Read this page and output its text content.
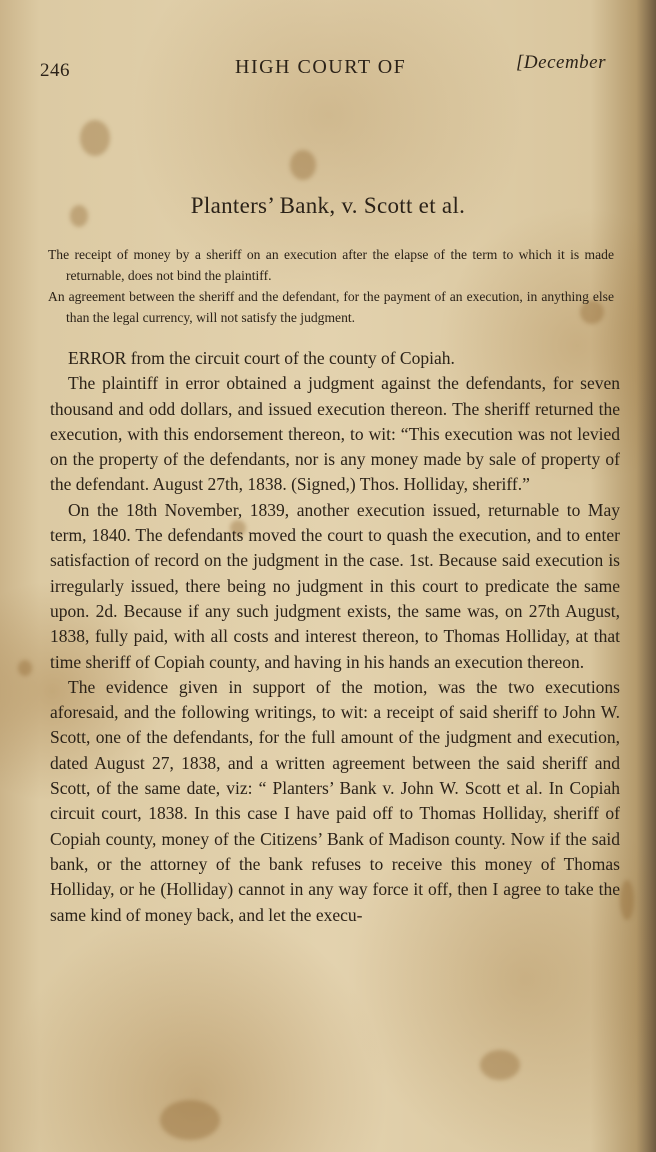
246	HIGH COURT OF	[December
Planters’ Bank, v. Scott et al.

The receipt of money by a sheriff on an execution after the elapse of the term to which it is made returnable, does not bind the plaintiff.

An agreement between the sheriff and the defendant, for the payment of an execution, in anything else than the legal currency, will not satisfy the judgment.

ERROR from the circuit court of the county of Copiah.

The plaintiff in error obtained a judgment against the defendants, for seven thousand and odd dollars, and issued execution thereon. The sheriff returned the execution, with this endorsement thereon, to wit: “This execution was not levied on the property of the defendants, nor is any money made by sale of property of the defendant. August 27th, 1838. (Signed,) Thos. Holliday, sheriff.”

On the 18th November, 1839, another execution issued, returnable to May term, 1840. The defendants moved the court to quash the execution, and to enter satisfaction of record on the judgment in the case. 1st. Because said execution is irregularly issued, there being no judgment in this court to predicate the same upon. 2d. Because if any such judgment exists, the same was, on 27th August, 1838, fully paid, with all costs and interest thereon, to Thomas Holliday, at that time sheriff of Copiah county, and having in his hands an execution thereon.

The evidence given in support of the motion, was the two executions aforesaid, and the following writings, to wit: a receipt of said sheriff to John W. Scott, one of the defendants, for the full amount of the judgment and execution, dated August 27, 1838, and a written agreement between the said sheriff and Scott, of the same date, viz: “ Planters’ Bank v. John W. Scott et al. In Copiah circuit court, 1838. In this case I have paid off to Thomas Holliday, sheriff of Copiah county, money of the Citizens’ Bank of Madison county. Now if the said bank, or the attorney of the bank refuses to receive this money of Thomas Holliday, or he (Holliday) cannot in any way force it off, then I agree to take the same kind of money back, and let the execu-
